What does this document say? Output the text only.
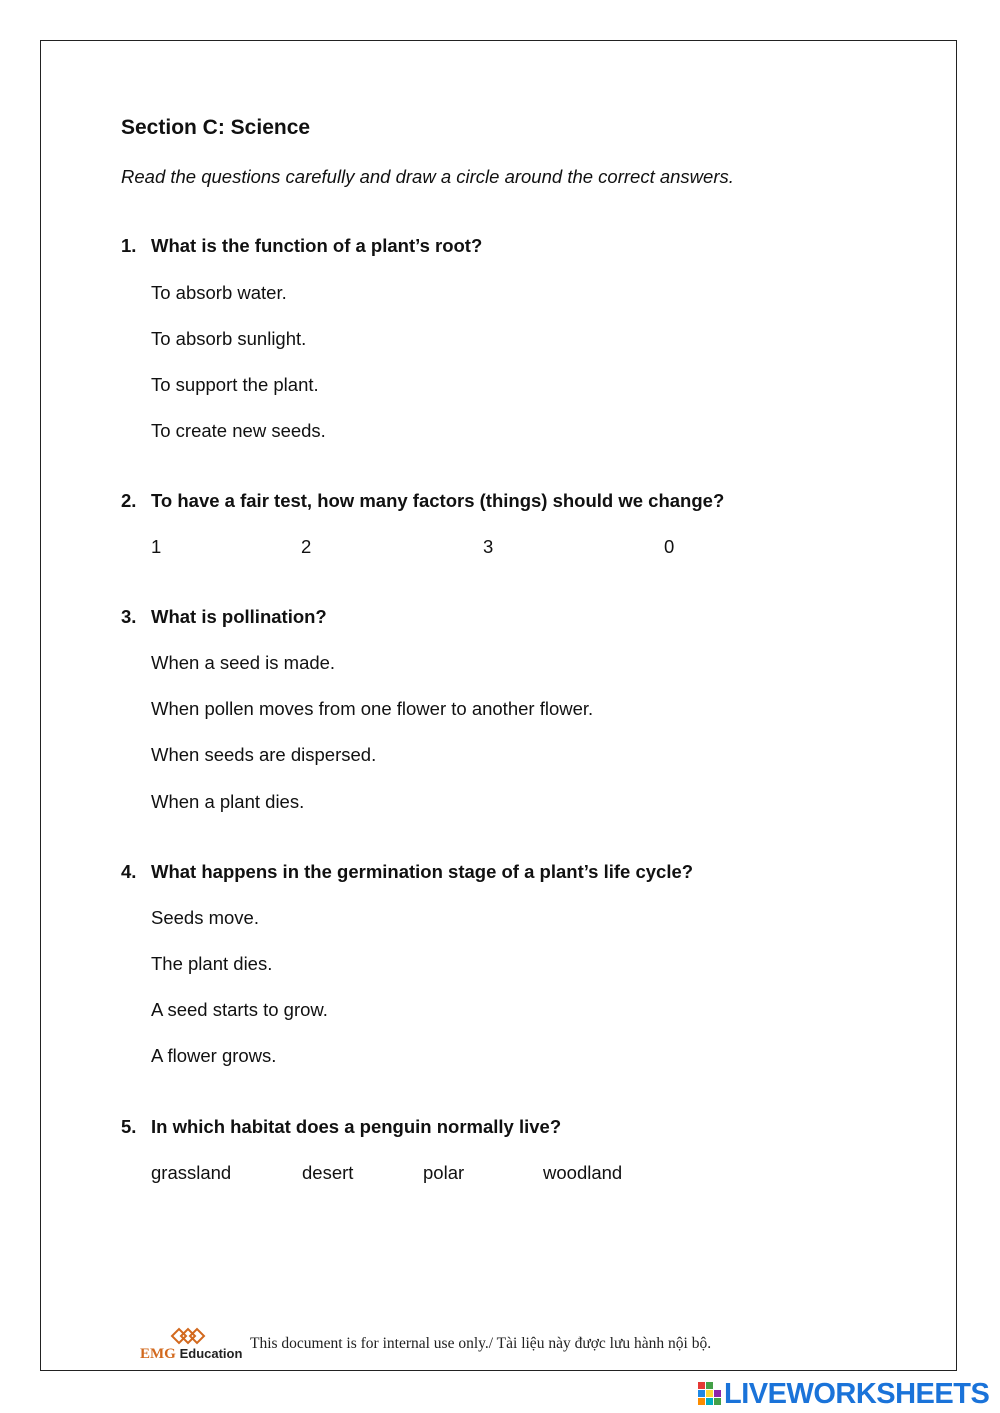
Section C: Science
Read the questions carefully and draw a circle around the correct answers.
1. What is the function of a plant’s root?
To absorb water.
To absorb sunlight.
To support the plant.
To create new seeds.
2. To have a fair test, how many factors (things) should we change?
1	2	3	0
3. What is pollination?
When a seed is made.
When pollen moves from one flower to another flower.
When seeds are dispersed.
When a plant dies.
4. What happens in the germination stage of a plant’s life cycle?
Seeds move.
The plant dies.
A seed starts to grow.
A flower grows.
5. In which habitat does a penguin normally live?
grassland	desert	polar	woodland
EMG Education
This document is for internal use only./ Tài liệu này được lưu hành nội bộ.
LIVEWORKSHEETS
